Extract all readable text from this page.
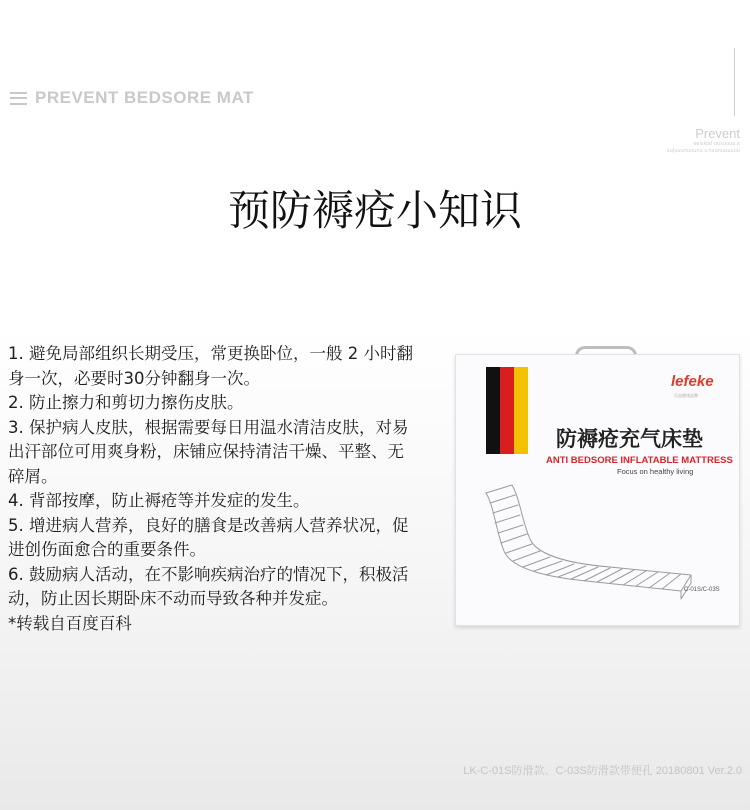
PREVENT BEDSORE MAT
Prevent
eelskjal uusuuuu.x
sujuuunuuunu s.nxunuuuuuu
预防褥疮小知识

1. 避免局部组织长期受压，常更换卧位，一般 2 小时翻身一次，必要时30分钟翻身一次。

2. 防止擦力和剪切力擦伤皮肤。

3. 保护病人皮肤，根据需要每日用温水清洁皮肤，对易出汗部位可用爽身粉，床铺应保持清洁干燥、平整、无碎屑。

4. 背部按摩，防止褥疮等并发症的发生。

5. 增进病人营养，良好的膳食是改善病人营养状况，促进创伤面愈合的重要条件。

6. 鼓励病人活动，在不影响疾病治疗的情况下，积极活动，防止因长期卧床不动而导致各种并发症。

*转载自百度百科

lefeke
乐益健康品牌
防褥疮充气床垫
ANTI BEDSORE INFLATABLE MATTRESS
Focus on healthy living
C-01S/C-03S
LK-C-01S防滑款、C-03S防滑款带便孔 20180801 Ver.2.0
